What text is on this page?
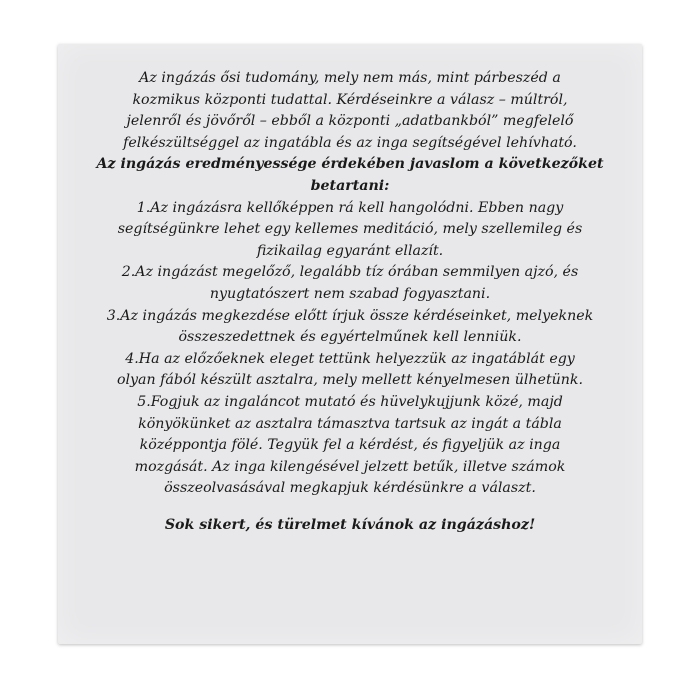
Az ingázás ősi tudomány, mely nem más, mint párbeszéd a
kozmikus központi tudattal. Kérdéseinkre a válasz – múltról,
jelenről és jövőről – ebből a központi „adatbankból” megfelelő
felkészültséggel az ingatábla és az inga segítségével lehívható.
Az ingázás eredményessége érdekében javaslom a következőket
betartani:
1.Az ingázásra kellőképpen rá kell hangolódni. Ebben nagy
segítségünkre lehet egy kellemes meditáció, mely szellemileg és
fizikailag egyaránt ellazít.
2.Az ingázást megelőző, legalább tíz órában semmilyen ajzó, és
nyugtatószert nem szabad fogyasztani.
3.Az ingázás megkezdése előtt írjuk össze kérdéseinket, melyeknek
összeszedettnek és egyértelműnek kell lenniük.
4.Ha az előzőeknek eleget tettünk helyezzük az ingatáblát egy
olyan fából készült asztalra, mely mellett kényelmesen ülhetünk.
5.Fogjuk az ingaláncot mutató és hüvelykujjunk közé, majd
könyökünket az asztalra támasztva tartsuk az ingát a tábla
középpontja fölé. Tegyük fel a kérdést, és figyeljük az inga
mozgását. Az inga kilengésével jelzett betűk, illetve számok
összeolvasásával megkapjuk kérdésünkre a választ.
Sok sikert, és türelmet kívánok az ingázáshoz!
